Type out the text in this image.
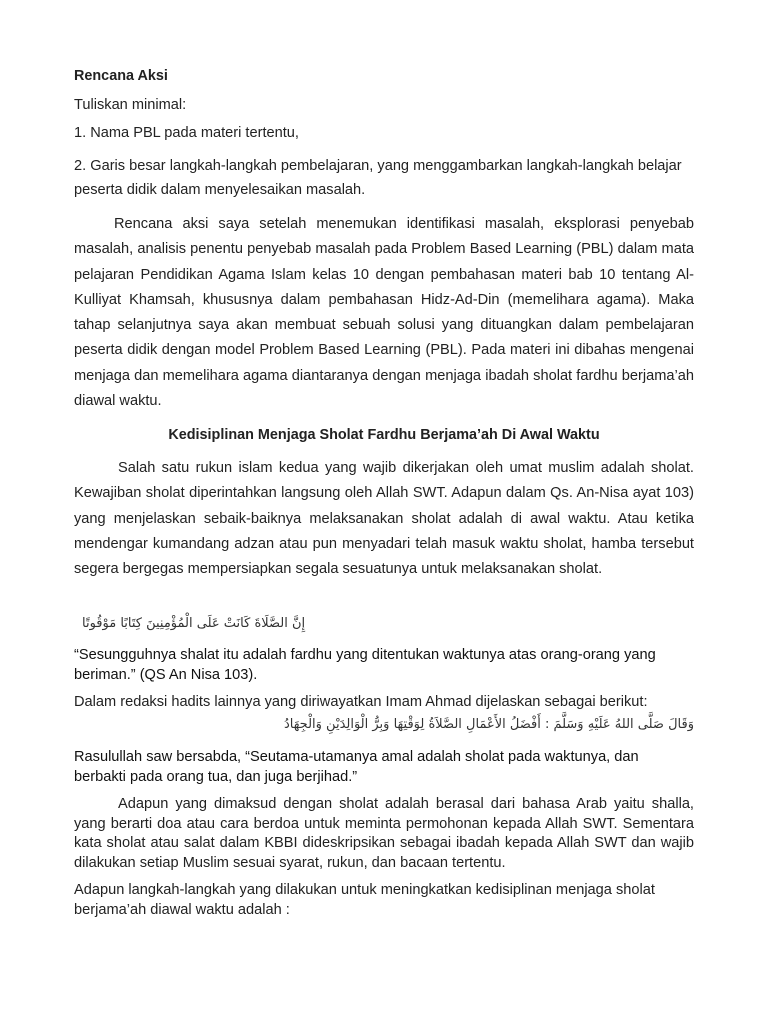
Rencana Aksi

Tuliskan minimal:

1. Nama PBL pada materi tertentu,

2. Garis besar langkah-langkah pembelajaran, yang menggambarkan langkah-langkah belajar peserta didik dalam menyelesaikan masalah.

Rencana aksi saya setelah menemukan identifikasi masalah, eksplorasi penyebab masalah, analisis penentu penyebab masalah pada Problem Based Learning (PBL) dalam mata pelajaran Pendidikan Agama Islam kelas 10 dengan pembahasan materi bab 10 tentang Al-Kulliyat Khamsah, khususnya dalam pembahasan Hidz-Ad-Din (memelihara agama). Maka tahap selanjutnya saya akan membuat sebuah solusi yang dituangkan dalam pembelajaran peserta didik dengan model Problem Based Learning (PBL). Pada materi ini dibahas mengenai menjaga dan memelihara agama diantaranya dengan menjaga ibadah sholat fardhu berjama’ah diawal waktu.

Kedisiplinan Menjaga Sholat Fardhu Berjama’ah Di Awal Waktu

Salah satu rukun islam kedua yang wajib dikerjakan oleh umat muslim adalah sholat. Kewajiban sholat diperintahkan langsung oleh Allah SWT. Adapun dalam Qs. An-Nisa ayat 103) yang menjelaskan sebaik-baiknya melaksanakan sholat adalah di awal waktu. Atau ketika mendengar kumandang adzan atau pun menyadari telah masuk waktu sholat, hamba tersebut segera bergegas mempersiapkan segala sesuatunya untuk melaksanakan sholat.

إِنَّ الصَّلَاةَ كَانَتْ عَلَى الْمُؤْمِنِينَ كِتَابًا مَوْقُوتًا

“Sesungguhnya shalat itu adalah fardhu yang ditentukan waktunya atas orang-orang yang beriman.” (QS An Nisa 103).

Dalam redaksi hadits lainnya yang diriwayatkan Imam Ahmad dijelaskan sebagai berikut:

وَقَالَ صَلَّى اللهُ عَلَيْهِ وَسَلَّمَ : أَفْضَلُ الأَعْمَالِ الصَّلاَةُ لِوَقْتِهَا وَبِرُّ الْوَالِدَيْنِ وَالْجِهَادُ

Rasulullah saw bersabda, “Seutama-utamanya amal adalah sholat pada waktunya, dan berbakti pada orang tua, dan juga berjihad.”

Adapun yang dimaksud dengan sholat adalah berasal dari bahasa Arab yaitu shalla, yang berarti doa atau cara berdoa untuk meminta permohonan kepada Allah SWT. Sementara kata sholat atau salat dalam KBBI dideskripsikan sebagai ibadah kepada Allah SWT dan wajib dilakukan setiap Muslim sesuai syarat, rukun, dan bacaan tertentu.

Adapun langkah-langkah yang dilakukan untuk meningkatkan kedisiplinan menjaga sholat berjama’ah diawal waktu adalah :
